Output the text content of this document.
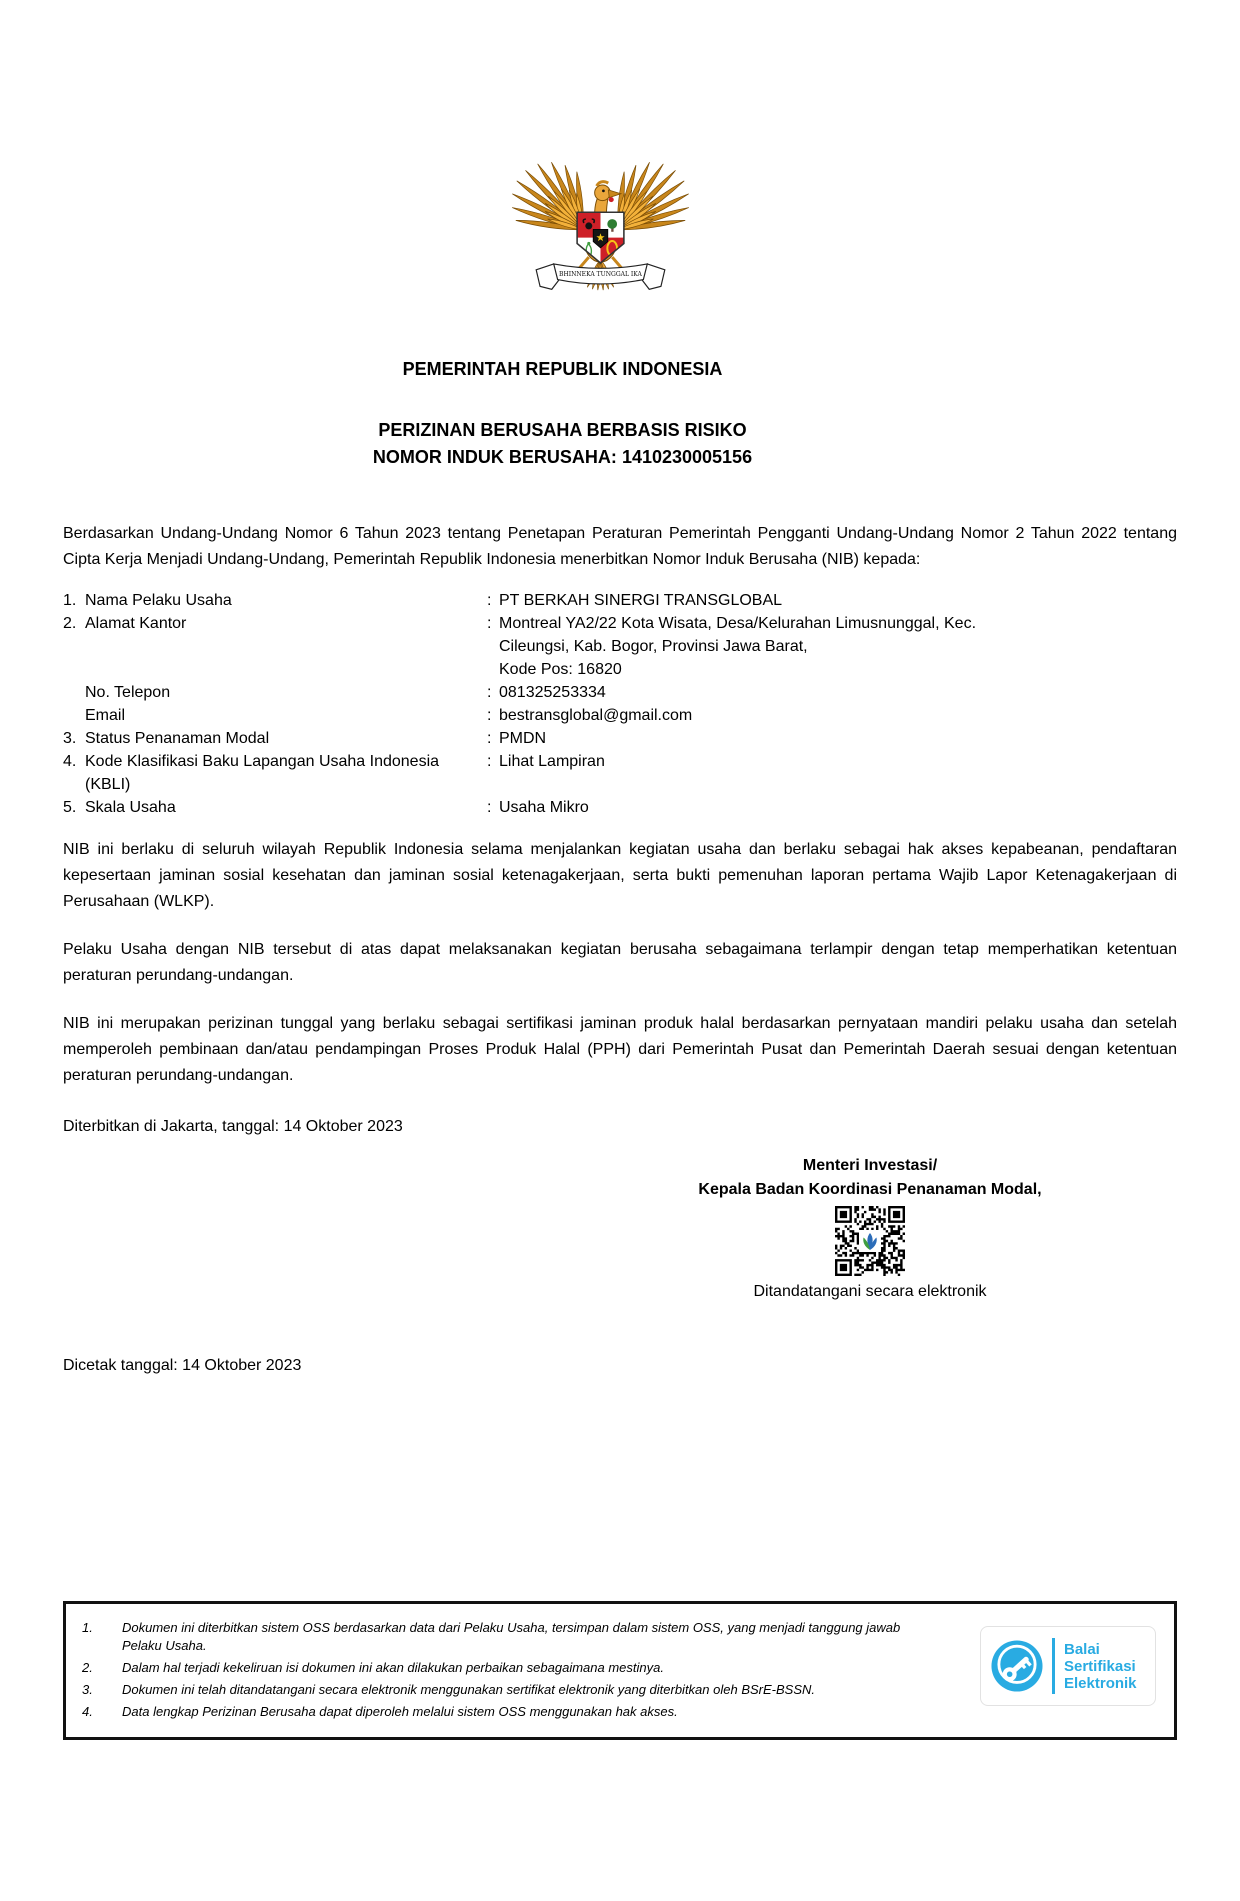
BHINNEKA TUNGGAL IKA
PEMERINTAH REPUBLIK INDONESIA
PERIZINAN BERUSAHA BERBASIS RISIKO
NOMOR INDUK BERUSAHA: 1410230005156

Berdasarkan Undang-Undang Nomor 6 Tahun 2023 tentang Penetapan Peraturan Pemerintah Pengganti Undang-Undang Nomor 2 Tahun 2022 tentang Cipta Kerja Menjadi Undang-Undang, Pemerintah Republik Indonesia menerbitkan Nomor Induk Berusaha (NIB) kepada:

1. Nama Pelaku Usaha	: PT BERKAH SINERGI TRANSGLOBAL
2. Alamat Kantor	: Montreal YA2/22 Kota Wisata, Desa/Kelurahan Limusnunggal, Kec.
Cileungsi, Kab. Bogor, Provinsi Jawa Barat,
Kode Pos: 16820
No. Telepon	: 081325253334
Email	: bestransglobal@gmail.com
3. Status Penanaman Modal	: PMDN
4. Kode Klasifikasi Baku Lapangan Usaha Indonesia
(KBLI)
: Lihat Lampiran
5. Skala Usaha	: Usaha Mikro

NIB ini berlaku di seluruh wilayah Republik Indonesia selama menjalankan kegiatan usaha dan berlaku sebagai hak akses kepabeanan, pendaftaran kepesertaan jaminan sosial kesehatan dan jaminan sosial ketenagakerjaan, serta bukti pemenuhan laporan pertama Wajib Lapor Ketenagakerjaan di Perusahaan (WLKP).

Pelaku Usaha dengan NIB tersebut di atas dapat melaksanakan kegiatan berusaha sebagaimana terlampir dengan tetap memperhatikan ketentuan peraturan perundang-undangan.

NIB ini merupakan perizinan tunggal yang berlaku sebagai sertifikasi jaminan produk halal berdasarkan pernyataan mandiri pelaku usaha dan setelah memperoleh pembinaan dan/atau pendampingan Proses Produk Halal (PPH) dari Pemerintah Pusat dan Pemerintah Daerah sesuai dengan ketentuan peraturan perundang-undangan.

Diterbitkan di Jakarta, tanggal: 14 Oktober 2023

Menteri Investasi/
Kepala Badan Koordinasi Penanaman Modal,
Ditandatangani secara elektronik

Dicetak tanggal: 14 Oktober 2023

1.	Dokumen ini diterbitkan sistem OSS berdasarkan data dari Pelaku Usaha, tersimpan dalam sistem OSS, yang menjadi tanggung jawab Pelaku Usaha.
2.	Dalam hal terjadi kekeliruan isi dokumen ini akan dilakukan perbaikan sebagaimana mestinya.
3.	Dokumen ini telah ditandatangani secara elektronik menggunakan sertifikat elektronik yang diterbitkan oleh BSrE-BSSN.
4.	Data lengkap Perizinan Berusaha dapat diperoleh melalui sistem OSS menggunakan hak akses.
Balai
Sertifikasi
Elektronik
